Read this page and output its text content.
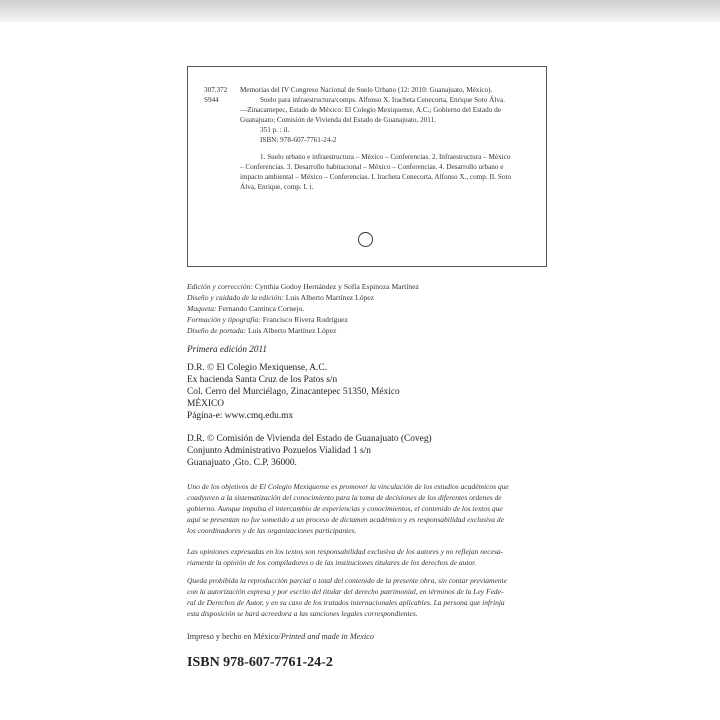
307.372
S944
Memorias del IV Congreso Nacional de Suelo Urbano (12: 2010: Guanajuato, México).
Suelo para infraestructura/comps. Alfonso X. Iracheta Cenecorta, Enrique Soto Álva.
—Zinacantepec, Estado de México: El Colegio Mexiquense, A.C.; Gobierno del Estado de
Guanajuato; Comisión de Vivienda del Estado de Guanajuato, 2011.
351 p. : il.
ISBN: 978-607-7761-24-2
1. Suelo urbano e infraestructura – México – Conferencias. 2. Infraestructura – México
– Conferencias. 3. Desarrollo habitacional – México – Conferencias. 4. Desarrollo urbano e
impacto ambiental – México – Conferencias. I. Iracheta Cenecorta, Alfonso X., comp. II. Soto
Álva, Enrique, comp. I. t.
Edición y corrección: Cynthia Godoy Hernández y Sofía Espinoza Martínez
Diseño y cuidado de la edición: Luis Alberto Martínez López
Maqueta: Fernando Cantinca Cornejo.
Formación y tipografía: Francisco Rivera Rodríguez
Diseño de portada: Luis Alberto Martínez López
Primera edición 2011
D.R. © El Colegio Mexiquense, A.C.
Ex hacienda Santa Cruz de los Patos s/n
Col. Cerro del Murciélago, Zinacantepec 51350, México
MÉXICO
Página-e: www.cmq.edu.mx
D.R. © Comisión de Vivienda del Estado de Guanajuato (Coveg)
Conjunto Administrativo Pozuelos Vialidad 1 s/n
Guanajuato ,Gto. C.P. 36000.
Uno de los objetivos de El Colegio Mexiquense es promover la vinculación de los estudios académicos que
coadyuven a la sistematización del conocimiento para la toma de decisiones de los diferentes ordenes de
gobierno. Aunque impulsa el intercambio de experiencias y conocimientos, el contenido de los textos que
aquí se presentan no fue sometido a un proceso de dictamen académico y es responsabilidad exclusiva de
los coordinadores y de las organizaciones participantes.
Las opiniones expresadas en los textos son responsabilidad exclusiva de los autores y no reflejan necesa-
riamente la opinión de los compiladores o de las instituciones titulares de los derechos de autor.
Queda prohibida la reproducción parcial o total del contenido de la presente obra, sin contar previamente
con la autorización expresa y por escrito del titular del derecho patrimonial, en términos de la Ley Fede-
ral de Derechos de Autor, y en su caso de los tratados internacionales aplicables. La persona que infrinja
esta disposición se hará acreedora a las sanciones legales correspondientes.
Impreso y hecho en México/Printed and made in Mexico
ISBN 978-607-7761-24-2
